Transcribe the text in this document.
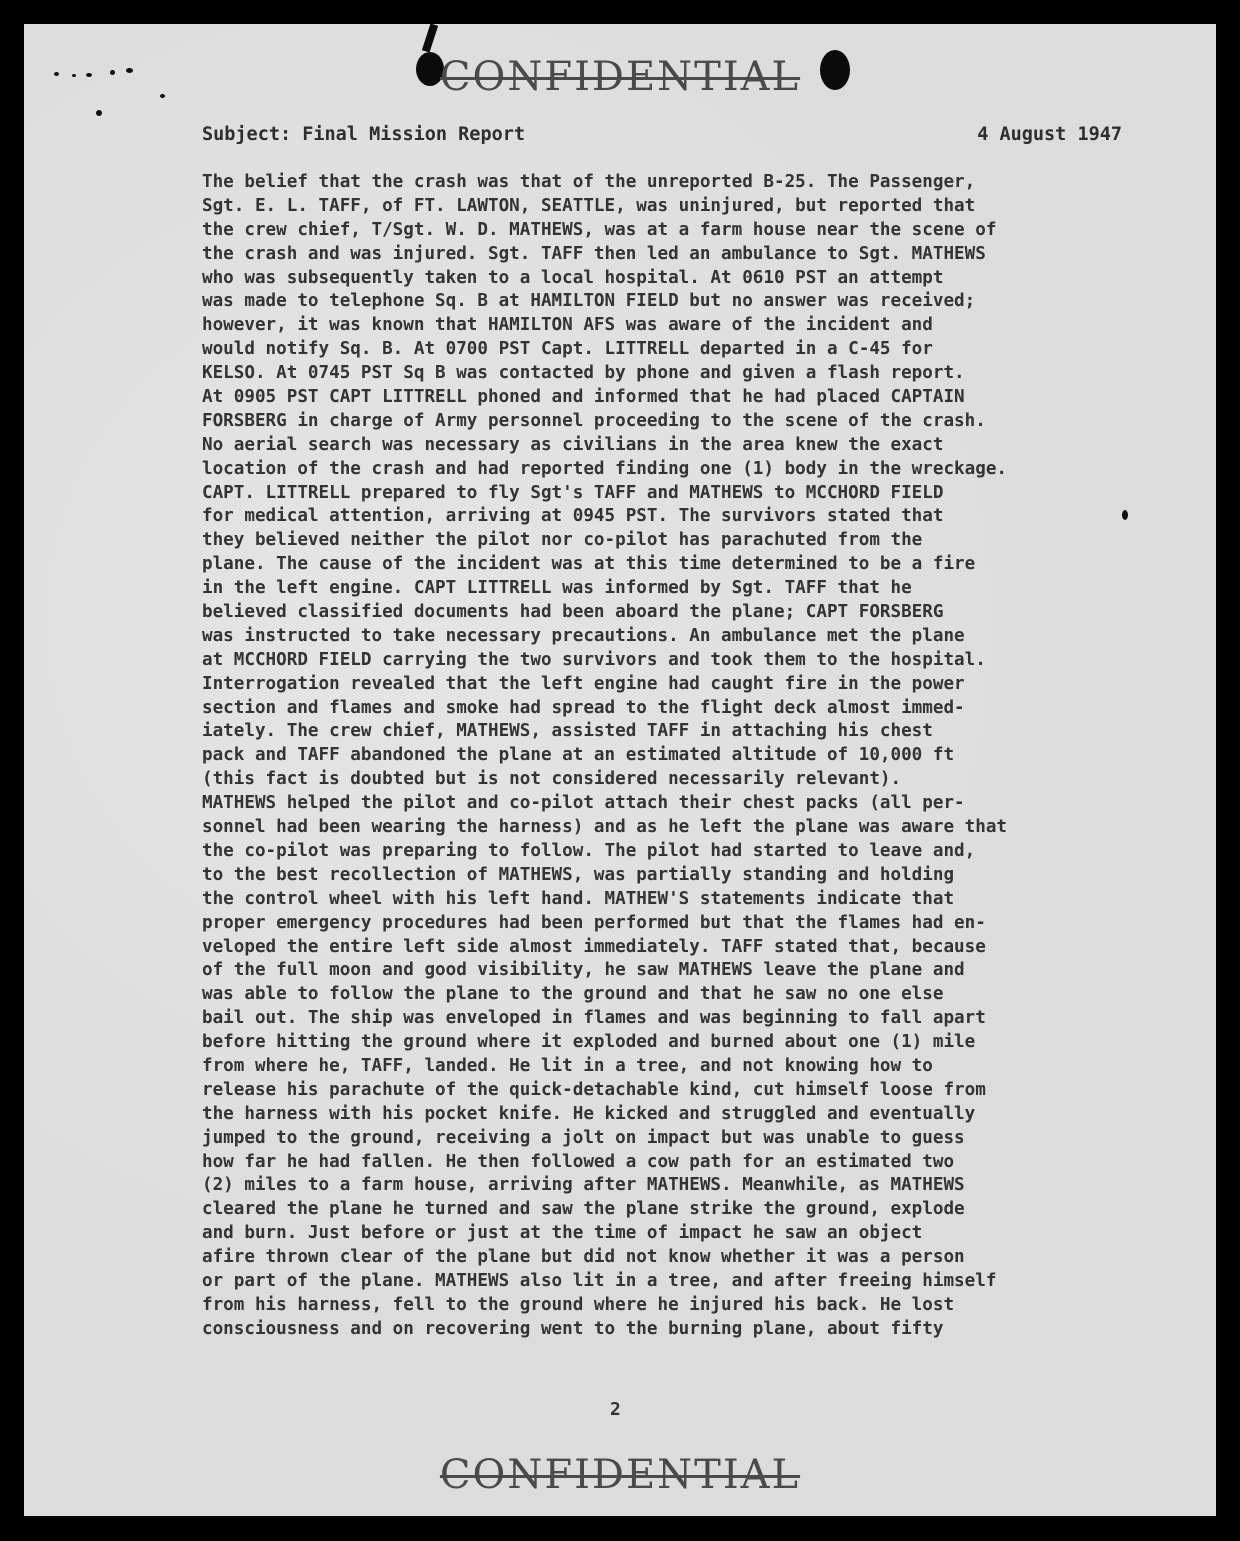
CONFIDENTIAL
Subject: Final Mission Report	4 August 1947
The belief that the crash was that of the unreported B-25. The Passenger,
Sgt. E. L. TAFF, of FT. LAWTON, SEATTLE, was uninjured, but reported that
the crew chief, T/Sgt. W. D. MATHEWS, was at a farm house near the scene of
the crash and was injured. Sgt. TAFF then led an ambulance to Sgt. MATHEWS
who was subsequently taken to a local hospital. At 0610 PST an attempt
was made to telephone Sq. B at HAMILTON FIELD but no answer was received;
however, it was known that HAMILTON AFS was aware of the incident and
would notify Sq. B. At 0700 PST Capt. LITTRELL departed in a C-45 for
KELSO. At 0745 PST Sq B was contacted by phone and given a flash report.
At 0905 PST CAPT LITTRELL phoned and informed that he had placed CAPTAIN
FORSBERG in charge of Army personnel proceeding to the scene of the crash.
No aerial search was necessary as civilians in the area knew the exact
location of the crash and had reported finding one (1) body in the wreckage.
CAPT. LITTRELL prepared to fly Sgt's TAFF and MATHEWS to MCCHORD FIELD
for medical attention, arriving at 0945 PST. The survivors stated that
they believed neither the pilot nor co-pilot has parachuted from the
plane. The cause of the incident was at this time determined to be a fire
in the left engine. CAPT LITTRELL was informed by Sgt. TAFF that he
believed classified documents had been aboard the plane; CAPT FORSBERG
was instructed to take necessary precautions. An ambulance met the plane
at MCCHORD FIELD carrying the two survivors and took them to the hospital.
Interrogation revealed that the left engine had caught fire in the power
section and flames and smoke had spread to the flight deck almost immed-
iately. The crew chief, MATHEWS, assisted TAFF in attaching his chest
pack and TAFF abandoned the plane at an estimated altitude of 10,000 ft
(this fact is doubted but is not considered necessarily relevant).
MATHEWS helped the pilot and co-pilot attach their chest packs (all per-
sonnel had been wearing the harness) and as he left the plane was aware that
the co-pilot was preparing to follow. The pilot had started to leave and,
to the best recollection of MATHEWS, was partially standing and holding
the control wheel with his left hand. MATHEW'S statements indicate that
proper emergency procedures had been performed but that the flames had en-
veloped the entire left side almost immediately. TAFF stated that, because
of the full moon and good visibility, he saw MATHEWS leave the plane and
was able to follow the plane to the ground and that he saw no one else
bail out. The ship was enveloped in flames and was beginning to fall apart
before hitting the ground where it exploded and burned about one (1) mile
from where he, TAFF, landed. He lit in a tree, and not knowing how to
release his parachute of the quick-detachable kind, cut himself loose from
the harness with his pocket knife. He kicked and struggled and eventually
jumped to the ground, receiving a jolt on impact but was unable to guess
how far he had fallen. He then followed a cow path for an estimated two
(2) miles to a farm house, arriving after MATHEWS. Meanwhile, as MATHEWS
cleared the plane he turned and saw the plane strike the ground, explode
and burn. Just before or just at the time of impact he saw an object
afire thrown clear of the plane but did not know whether it was a person
or part of the plane. MATHEWS also lit in a tree, and after freeing himself
from his harness, fell to the ground where he injured his back. He lost
consciousness and on recovering went to the burning plane, about fifty
2
CONFIDENTIAL
